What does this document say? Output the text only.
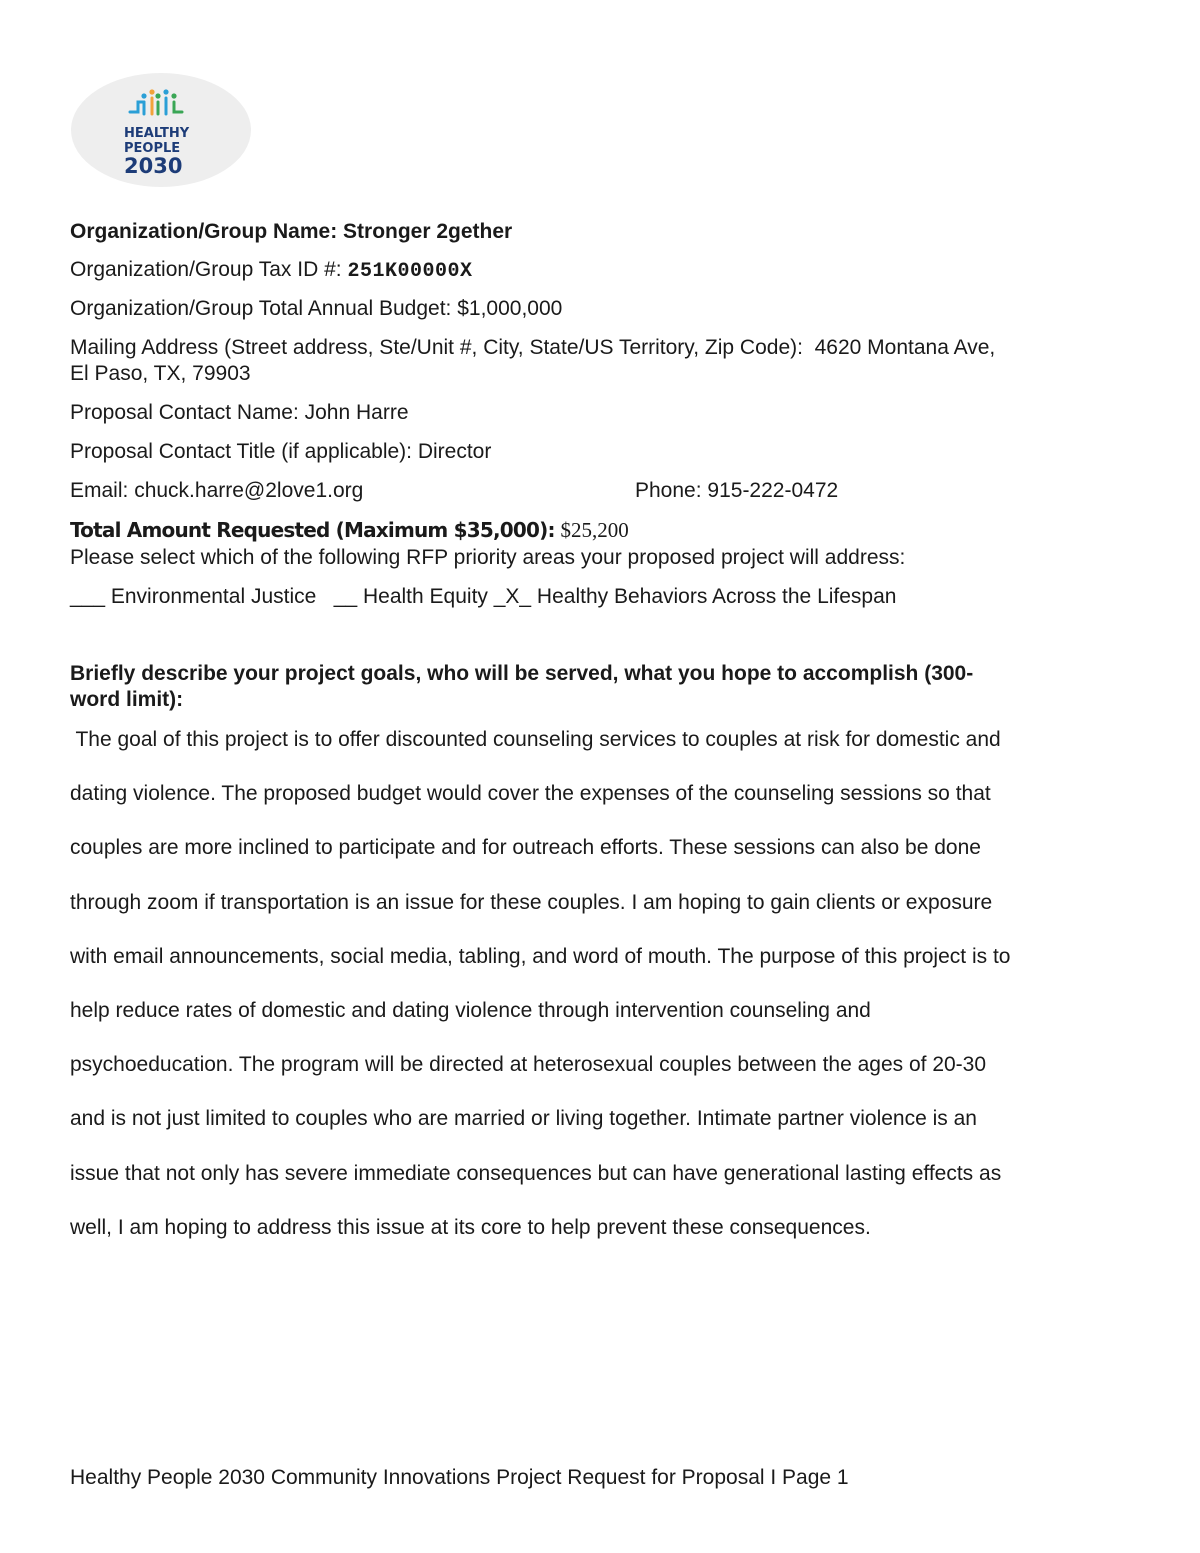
HEALTHY
PEOPLE
2030
Organization/Group Name: Stronger 2gether
Organization/Group Tax ID #: 251K00000X
Organization/Group Total Annual Budget: $1,000,000
Mailing Address (Street address, Ste/Unit #, City, State/US Territory, Zip Code): 4620 Montana Ave,
El Paso, TX, 79903
Proposal Contact Name: John Harre
Proposal Contact Title (if applicable): Director
Email: chuck.harre@2love1.org	Phone: 915-222-0472
Total Amount Requested (Maximum $35,000): $25,200
Please select which of the following RFP priority areas your proposed project will address:
___ Environmental Justice   __ Health Equity _X_ Healthy Behaviors Across the Lifespan
Briefly describe your project goals, who will be served, what you hope to accomplish (300-
word limit):
The goal of this project is to offer discounted counseling services to couples at risk for domestic and
dating violence. The proposed budget would cover the expenses of the counseling sessions so that
couples are more inclined to participate and for outreach efforts. These sessions can also be done
through zoom if transportation is an issue for these couples. I am hoping to gain clients or exposure
with email announcements, social media, tabling, and word of mouth. The purpose of this project is to
help reduce rates of domestic and dating violence through intervention counseling and
psychoeducation. The program will be directed at heterosexual couples between the ages of 20-30
and is not just limited to couples who are married or living together. Intimate partner violence is an
issue that not only has severe immediate consequences but can have generational lasting effects as
well, I am hoping to address this issue at its core to help prevent these consequences.
Healthy People 2030 Community Innovations Project Request for Proposal I Page 1
